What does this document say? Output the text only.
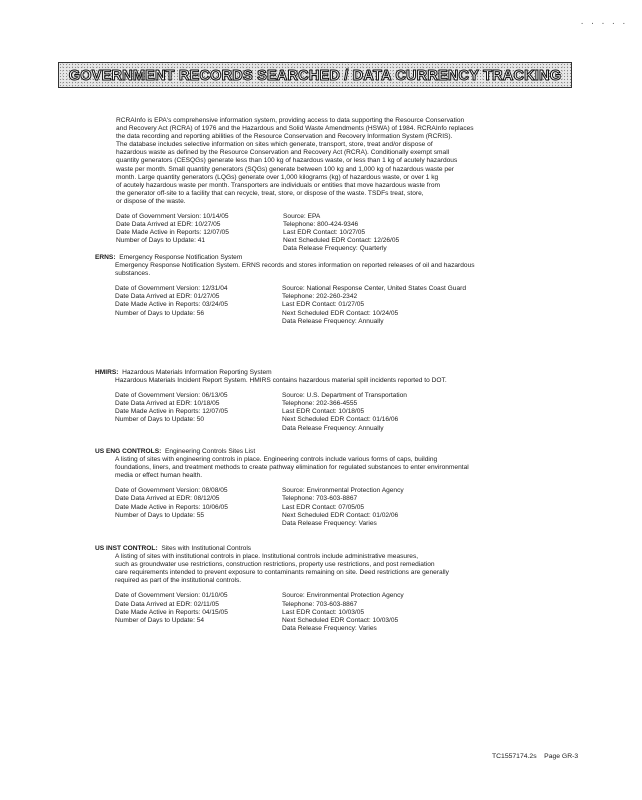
· · · · ·
GOVERNMENT RECORDS SEARCHED / DATA CURRENCY TRACKING
RCRAInfo is EPA's comprehensive information system, providing access to data supporting the Resource Conservation
and Recovery Act (RCRA) of 1976 and the Hazardous and Solid Waste Amendments (HSWA) of 1984. RCRAInfo replaces
the data recording and reporting abilities of the Resource Conservation and Recovery Information System (RCRIS).
The database includes selective information on sites which generate, transport, store, treat and/or dispose of
hazardous waste as defined by the Resource Conservation and Recovery Act (RCRA). Conditionally exempt small
quantity generators (CESQGs) generate less than 100 kg of hazardous waste, or less than 1 kg of acutely hazardous
waste per month. Small quantity generators (SQGs) generate between 100 kg and 1,000 kg of hazardous waste per
month. Large quantity generators (LQGs) generate over 1,000 kilograms (kg) of hazardous waste, or over 1 kg
of acutely hazardous waste per month. Transporters are individuals or entities that move hazardous waste from
the generator off-site to a facility that can recycle, treat, store, or dispose of the waste. TSDFs treat, store,
or dispose of the waste.
Date of Government Version: 10/14/05
Date Data Arrived at EDR: 10/27/05
Date Made Active in Reports: 12/07/05
Number of Days to Update: 41
Source: EPA
Telephone: 800-424-9346
Last EDR Contact: 10/27/05
Next Scheduled EDR Contact: 12/26/05
Data Release Frequency: Quarterly
ERNS: Emergency Response Notification System
Emergency Response Notification System. ERNS records and stores information on reported releases of oil and hazardous
substances.
Date of Government Version: 12/31/04
Date Data Arrived at EDR: 01/27/05
Date Made Active in Reports: 03/24/05
Number of Days to Update: 56
Source: National Response Center, United States Coast Guard
Telephone: 202-260-2342
Last EDR Contact: 01/27/05
Next Scheduled EDR Contact: 10/24/05
Data Release Frequency: Annually
HMIRS: Hazardous Materials Information Reporting System
Hazardous Materials Incident Report System. HMIRS contains hazardous material spill incidents reported to DOT.
Date of Government Version: 06/13/05
Date Data Arrived at EDR: 10/18/05
Date Made Active in Reports: 12/07/05
Number of Days to Update: 50
Source: U.S. Department of Transportation
Telephone: 202-366-4555
Last EDR Contact: 10/18/05
Next Scheduled EDR Contact: 01/16/06
Data Release Frequency: Annually
US ENG CONTROLS: Engineering Controls Sites List
A listing of sites with engineering controls in place. Engineering controls include various forms of caps, building
foundations, liners, and treatment methods to create pathway elimination for regulated substances to enter environmental
media or effect human health.
Date of Government Version: 08/08/05
Date Data Arrived at EDR: 08/12/05
Date Made Active in Reports: 10/06/05
Number of Days to Update: 55
Source: Environmental Protection Agency
Telephone: 703-603-8867
Last EDR Contact: 07/05/05
Next Scheduled EDR Contact: 01/02/06
Data Release Frequency: Varies
US INST CONTROL: Sites with Institutional Controls
A listing of sites with institutional controls in place. Institutional controls include administrative measures,
such as groundwater use restrictions, construction restrictions, property use restrictions, and post remediation
care requirements intended to prevent exposure to contaminants remaining on site. Deed restrictions are generally
required as part of the institutional controls.
Date of Government Version: 01/10/05
Date Data Arrived at EDR: 02/11/05
Date Made Active in Reports: 04/15/05
Number of Days to Update: 54
Source: Environmental Protection Agency
Telephone: 703-603-8867
Last EDR Contact: 10/03/05
Next Scheduled EDR Contact: 10/03/05
Data Release Frequency: Varies
TC1557174.2s Page GR-3
